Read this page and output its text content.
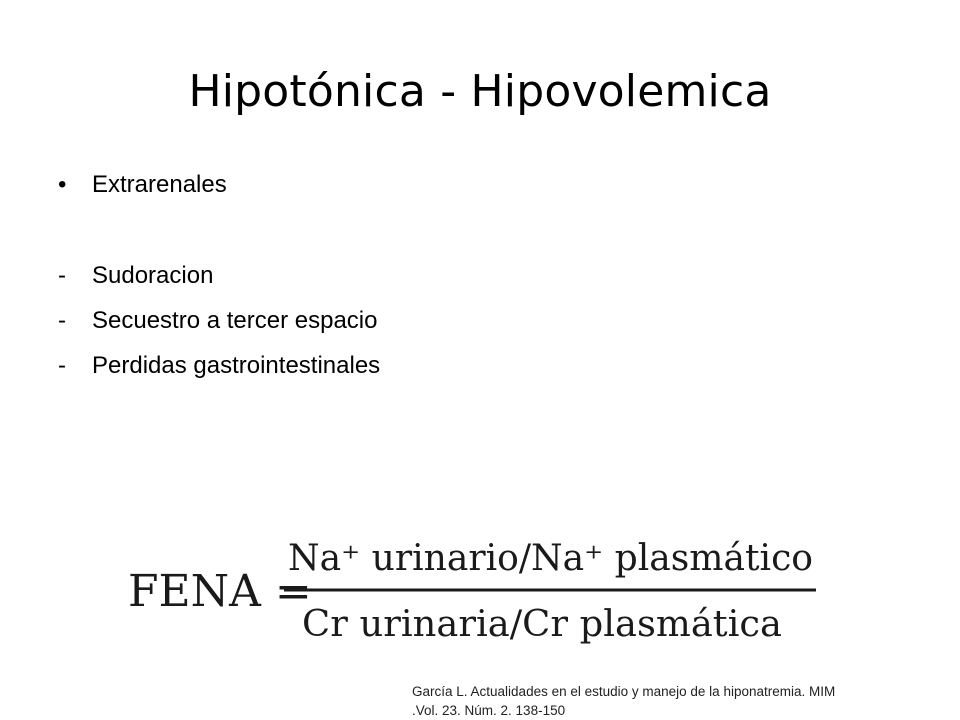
Hipotónica - Hipovolemica
• Extrarenales
- Sudoracion
- Secuestro a tercer espacio
- Perdidas gastrointestinales
FENA =
Na⁺ urinario/Na⁺ plasmático
Cr urinaria/Cr plasmática
García L. Actualidades en el estudio y manejo de la hiponatremia. MIM
.Vol. 23. Núm. 2. 138-150
